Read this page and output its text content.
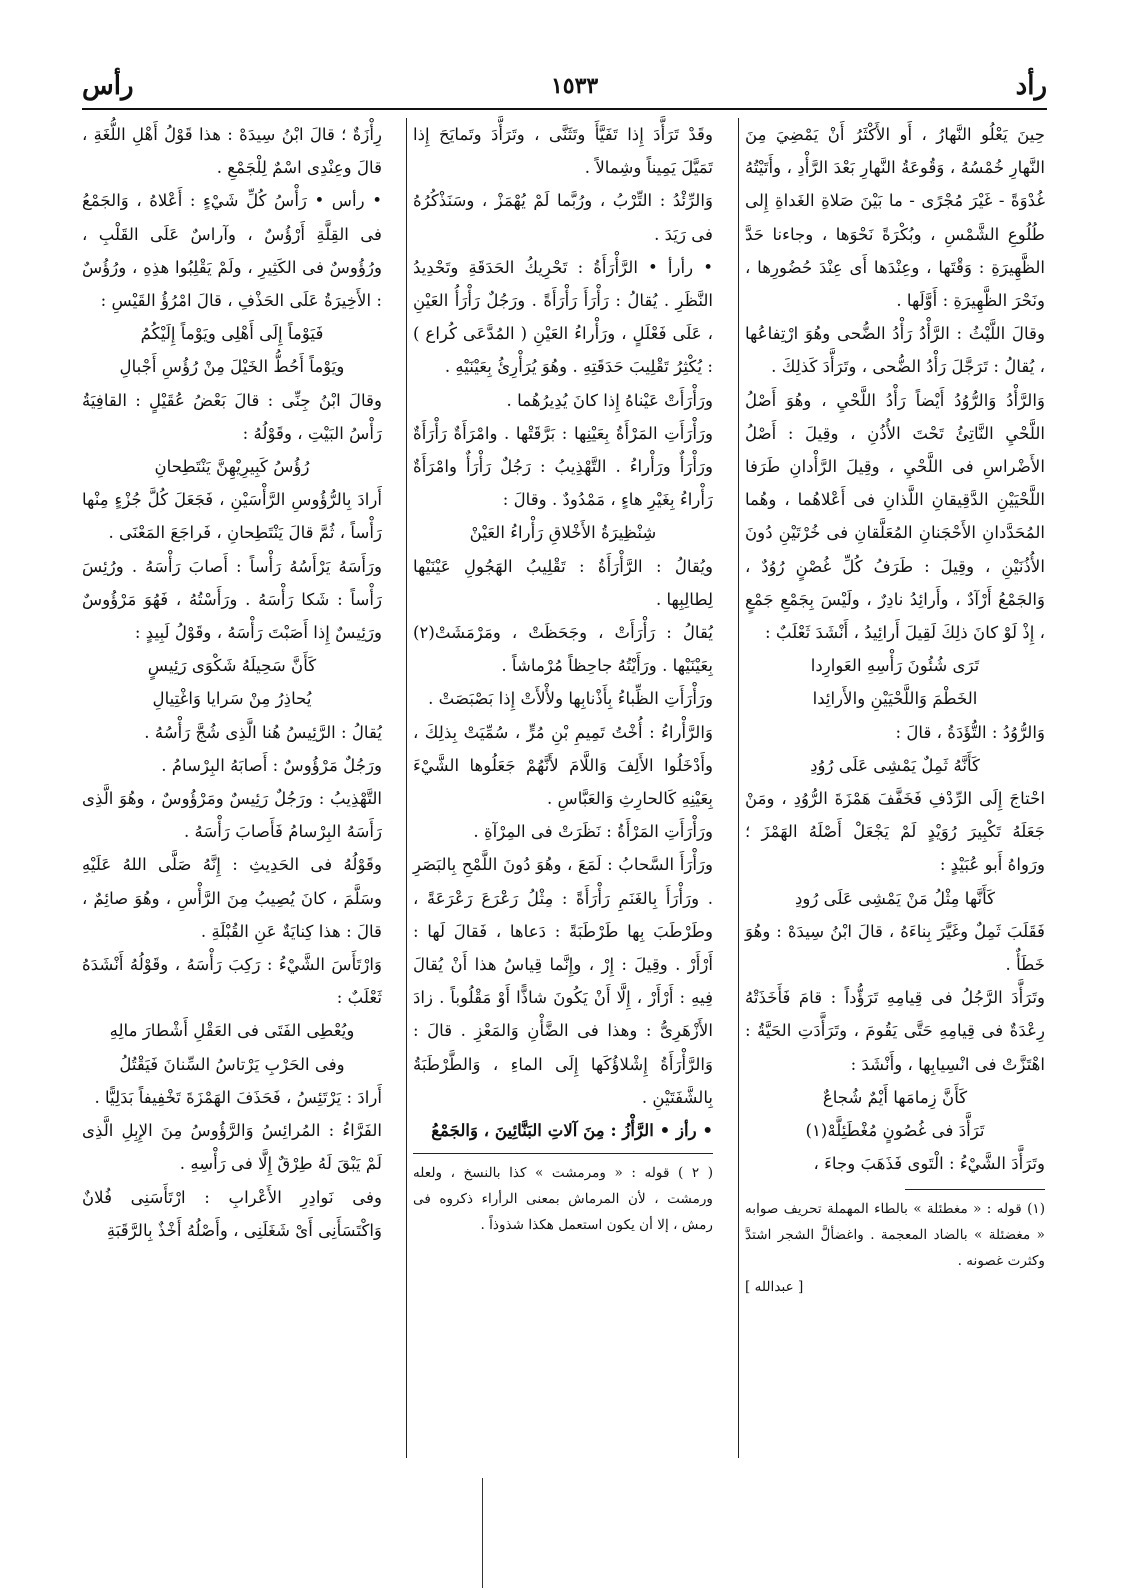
رأد
١٥٣٣
رأس

حِينَ يَعْلُو النَّهارُ ، أَو الأَكْثَرُ أَنْ يَمْضِيَ مِنَ النَّهارِ خُمْسُهُ ، وَقُوعَةُ النَّهارِ بَعْدَ الرَّأْدِ ، وأَتَيْتُهُ غُدْوَةً - غَيْرَ مُجْرًى - ما بَيْنَ صَلاةِ الغَداةِ إِلى طُلُوعِ الشَّمْسِ ، وبُكْرَةً نَحْوَها ، وجاءنا حَدَّ الظَّهِيرَةِ : وَقْتَها ، وعِنْدَها أَى عِنْدَ حُضُورِها ، ونَحْرَ الظَّهِيرَةِ : أَوَّلَها .

وقالَ اللَّيْثُ : الرَّأْدُ رَأْدُ الضُّحى وهُوَ ارْتِفاعُها ، يُقالُ : تَرَجَّلَ رَأْدُ الضُّحى ، وتَرَأَّدَ كَذلِكَ .

وَالرَّأْدُ وَالرُّوُدُ أَيْضاً رَأْدُ اللَّحْيِ ، وهُوَ أَصْلُ اللَّحْيِ النَّاتِئُ تَحْتَ الأُذُنِ ، وقِيلَ : أَصْلُ الأَضْراسِ فى اللَّحْيِ ، وقِيلَ الرَّأْدانِ طَرَفا اللَّحْيَيْنِ الدَّقِيقانِ اللَّذانِ فى أَعْلاهُما ، وهُما المُحَدَّدانِ الأَحْجَنانِ المُعَلَّقانِ فى خُرْتَيْنِ دُونَ الأُذُنَيْنِ ، وقِيلَ : طَرَفُ كُلِّ غُصْنٍ رُوُدٌ ، وَالجَمْعُ أَرْآدٌ ، وأَرائِدُ نادِرٌ ، ولَيْسَ بِجَمْعِ جَمْعٍ ، إِذْ لَوْ كانَ ذلِكَ لَقِيلَ أَرائِيدُ ، أَنْشَدَ ثَعْلَبٌ :

تَرَى شُئُونَ رَأْسِهِ العَوارِدا

الخَطْمَ وَاللَّحْيَيْنِ والأَرائِدا

وَالرُّوُدُ : التُّؤَدَةُ ، قالَ :

كَأَنَّهُ ثَمِلٌ يَمْشِى عَلَى رُوُدِ

احْتاجَ إِلَى الرِّدْفِ فَخَفَّفَ هَمْزَةَ الرُّوُدِ ، ومَنْ جَعَلَهُ تَكْبِيرَ رُوَيْدٍ لَمْ يَجْعَلْ أَصْلَهُ الهَمْزَ ؛ ورَواهُ أَبو عُبَيْدٍ :

كَأَنَّها مِثْلُ مَنْ يَمْشِى عَلَى رُودِ

فَقَلَبَ ثَمِلٌ وغَيَّرَ بِناءَهُ ، قالَ ابْنُ سِيدَهْ : وهُوَ خَطَأٌ .

وتَرَأَّدَ الرَّجُلُ فى قِيامِهِ تَرَؤُّداً : قامَ فَأَخَذَتْهُ رِعْدَةٌ فى قِيامِهِ حَتَّى يَقُومَ ، وتَرَأَّدَتِ الحَيَّةُ : اهْتَزَّتْ فى انْسِيابِها ، وأَنْشَدَ :

كَأَنَّ زِمامَها أَيْمٌ شُجاعٌ

تَرَأَّدَ فى غُصُونٍ مُغْطَئِلَّهْ(١)

وتَرَأَّدَ الشَّيْءُ : الْتَوى فَذَهَبَ وجاءَ ،

(١) قوله : « مغطئلة » بالطاء المهملة تحريف صوابه « مغضئلة » بالضاد المعجمة . واغضألَّ الشجر اشتدَّ وكثرت غصونه .

[ عبدالله ]

وقَدْ تَرَأَّدَ إِذا تَفَيَّأَ وتَثَنَّى ، وتَرَأَّدَ وتَمايَحَ إِذا تَمَيَّلَ يَمِيناً وشِمالاً .

وَالرِّئْدُ : التِّرْبُ ، ورُبَّما لَمْ يُهْمَزْ ، وسَنَذْكُرُهُ فى رَيَدَ .

• رأرأ • الرَّأْرَأَةُ : تَحْرِيكُ الحَدَقَةِ وتَحْدِيدُ النَّظَرِ . يُقالُ : رَأْرَأَ رَأْرَأَةً . ورَجُلٌ رَأْرَأُ العَيْنِ ، عَلَى فَعْلَلٍ ، ورَأْراءُ العَيْنِ ( المُدَّعَى كُراع ) : يُكْثِرُ تَقْلِيبَ حَدَقَتِهِ . وهُوَ يُرَأْرِئُ بِعَيْنَيْهِ .

ورَأْرَأَتْ عَيْناهُ إِذا كانَ يُدِيرُهُما .

ورَأْرَأَتِ المَرْأَةُ بِعَيْنِها : بَرَّقَتْها . وامْرَأَةٌ رَأْرَأَةٌ ورَأْرَأٌ ورَأْراءُ . التَّهْذِيبُ : رَجُلٌ رَأْرَأٌ وامْرَأَةٌ رَأْراءُ بِغَيْرِ هاءٍ ، مَمْدُودٌ . وقالَ :

شِنْظِيرَةُ الأَخْلاقِ رَأْراءُ العَيْنْ

ويُقالُ : الرَّأْرَأَةُ : تَقْلِيبُ الهَجُولِ عَيْنَيْها لِطالِبِها .

يُقالُ : رَأْرَأَتْ ، وجَحَظَتْ ، ومَرْمَشَتْ(٢) بِعَيْنَيْها . ورَأَيْتُهُ جاحِظاً مُرْماشاً .

ورَأْرَأَتِ الظِّباءُ بِأَذْنابِها ولأْلأَتْ إِذا بَصْبَصَتْ .

وَالرَّأْراءُ : أُخْتُ تَمِيمِ بْنِ مُرٍّ ، سُمِّيَتْ بِذلِكَ ، وأَدْخَلُوا الأَلِفَ وَاللَّامَ لأَنَّهُمْ جَعَلُوها الشَّيْءَ بِعَيْنِهِ كَالحارِثِ وَالعَبَّاسِ .

ورَأْرَأَتِ المَرْأَةُ : نَظَرَتْ فى المِرْآةِ .

ورَأْرَأَ السَّحابُ : لَمَعَ ، وهُوَ دُونَ اللَّمْحِ بِالبَصَرِ . ورَأْرَأَ بِالغَنَمِ رَأْرَأَةً : مِثْلُ رَعْرَعَ رَعْرَعَةً ، وطَرْطَبَ بِها طَرْطَبَةً : دَعاها ، فَقالَ لَها : أَرْأَرْ . وقِيلَ : إِرْ ، وإِنَّما قِياسُ هذا أَنْ يُقالَ فِيهِ : أَرْأَرْ ، إِلَّا أَنْ يَكُونَ شاذًّا أَوْ مَقْلُوباً . زادَ الأَزْهَرِىُّ : وهذا فى الضَّأْنِ وَالمَعْزِ . قالَ : وَالرَّأْرَأَةُ إِشْلاؤُكَها إِلَى الماءِ ، وَالطَّرْطَبَةُ بِالشَّفَتَيْنِ .

• رأز • الرَّأْزُ : مِنَ آلاتِ البَنَّائِينَ ، وَالجَمْعُ

( ٢ ) قوله : « ومرمشت » كذا بالنسخ ، ولعله ورمشت ، لأن المرماش بمعنى الرأراء ذكروه فى رمش ، إلا أن يكون استعمل هكذا شذوذاً .

رِأْزَةٌ ؛ قالَ ابْنُ سِيدَهْ : هذا قَوْلُ أَهْلِ اللُّغَةِ ، قالَ وعِنْدِى اسْمٌ لِلْجَمْعِ .

• رأس • رَأْسُ كُلِّ شَيْءٍ : أَعْلاهُ ، وَالجَمْعُ فى القِلَّةِ أَرْؤُسٌ ، وآراسٌ عَلَى القَلْبِ ، ورُؤُوسٌ فى الكَثِيرِ ، ولَمْ يَقْلِبُوا هذِهِ ، ورُؤُسٌ : الأَخِيرَةُ عَلَى الحَذْفِ ، قالَ امْرُؤُ القَيْسِ :

فَيَوْماً إِلَى أَهْلِى ويَوْماً إِلَيْكُمُ

ويَوْماً أَحُطُّ الخَيْلَ مِنْ رُؤُسِ أَجْبالِ

وقالَ ابْنُ جِنِّى : قالَ بَعْضُ عُقَيْلٍ : القافِيَةُ رَأْسُ البَيْتِ ، وقَوْلُهُ :

رُؤُسُ كَبِيرِيْهِنَّ يَنْتَطِحانِ

أَرادَ بِالرُّؤُوسِ الرَّأْسَيْنِ ، فَجَعَلَ كُلَّ جُزْءٍ مِنْها رَأْساً ، ثُمَّ قالَ يَنْتَطِحانِ ، فَراجَعَ المَعْنَى .

ورَأَسَهُ يَرْأَسُهُ رَأْساً : أَصابَ رَأْسَهُ . ورُئِسَ رَأْساً : شَكا رَأْسَهُ . ورَأَسْتُهُ ، فَهُوَ مَرْؤُوسٌ ورَئِيسٌ إِذا أَصَبْتَ رَأْسَهُ ، وقَوْلُ لَبِيدٍ :

كَأَنَّ سَحِيلَهُ شَكْوَى رَئِيسٍ

يُحاذِرُ مِنْ سَرايا وَاغْتِيالِ

يُقالُ : الرَّئِيسُ هُنا الَّذِى شُجَّ رَأْسُهُ .

ورَجُلٌ مَرْؤُوسٌ : أَصابَهُ البِرْسامُ .

التَّهْذِيبُ : ورَجُلٌ رَئِيسٌ ومَرْؤُوسٌ ، وهُوَ الَّذِى رَأَسَهُ البِرْسامُ فَأَصابَ رَأْسَهُ .

وقَوْلُهُ فى الحَدِيثِ : إِنَّهُ صَلَّى اللهُ عَلَيْهِ وسَلَّمَ ، كانَ يُصِيبُ مِنَ الرَّأْسِ ، وهُوَ صائِمٌ ، قالَ : هذا كِنايَةٌ عَنِ القُبْلَةِ .

وَارْتَأَسَ الشَّيْءُ : رَكِبَ رَأْسَهُ ، وقَوْلُهُ أَنْشَدَهُ ثَعْلَبٌ :

ويُعْطِى الفَتَى فى العَقْلِ أَشْطارَ مالِهِ

وفى الحَرْبِ يَرْتاسُ السِّنانَ فَيَقْتُلُ

أَرادَ : يَرْتَئِسُ ، فَحَذَفَ الهَمْزَةَ تَخْفِيفاً بَدَلِيًّا .

الفَرَّاءُ : المُرائِسُ وَالرَّؤُوسُ مِنَ الإِبِلِ الَّذِى لَمْ يَبْقَ لَهُ طِرْقٌ إِلَّا فى رَأْسِهِ .

وفى نَوادِرِ الأَعْرابِ : ارْتَأَسَنِى فُلانٌ وَاكْتَسَأَنِى أَىْ شَغَلَنِى ، وأَصْلُهُ أَخْذٌ بِالرَّقَبَةِ
